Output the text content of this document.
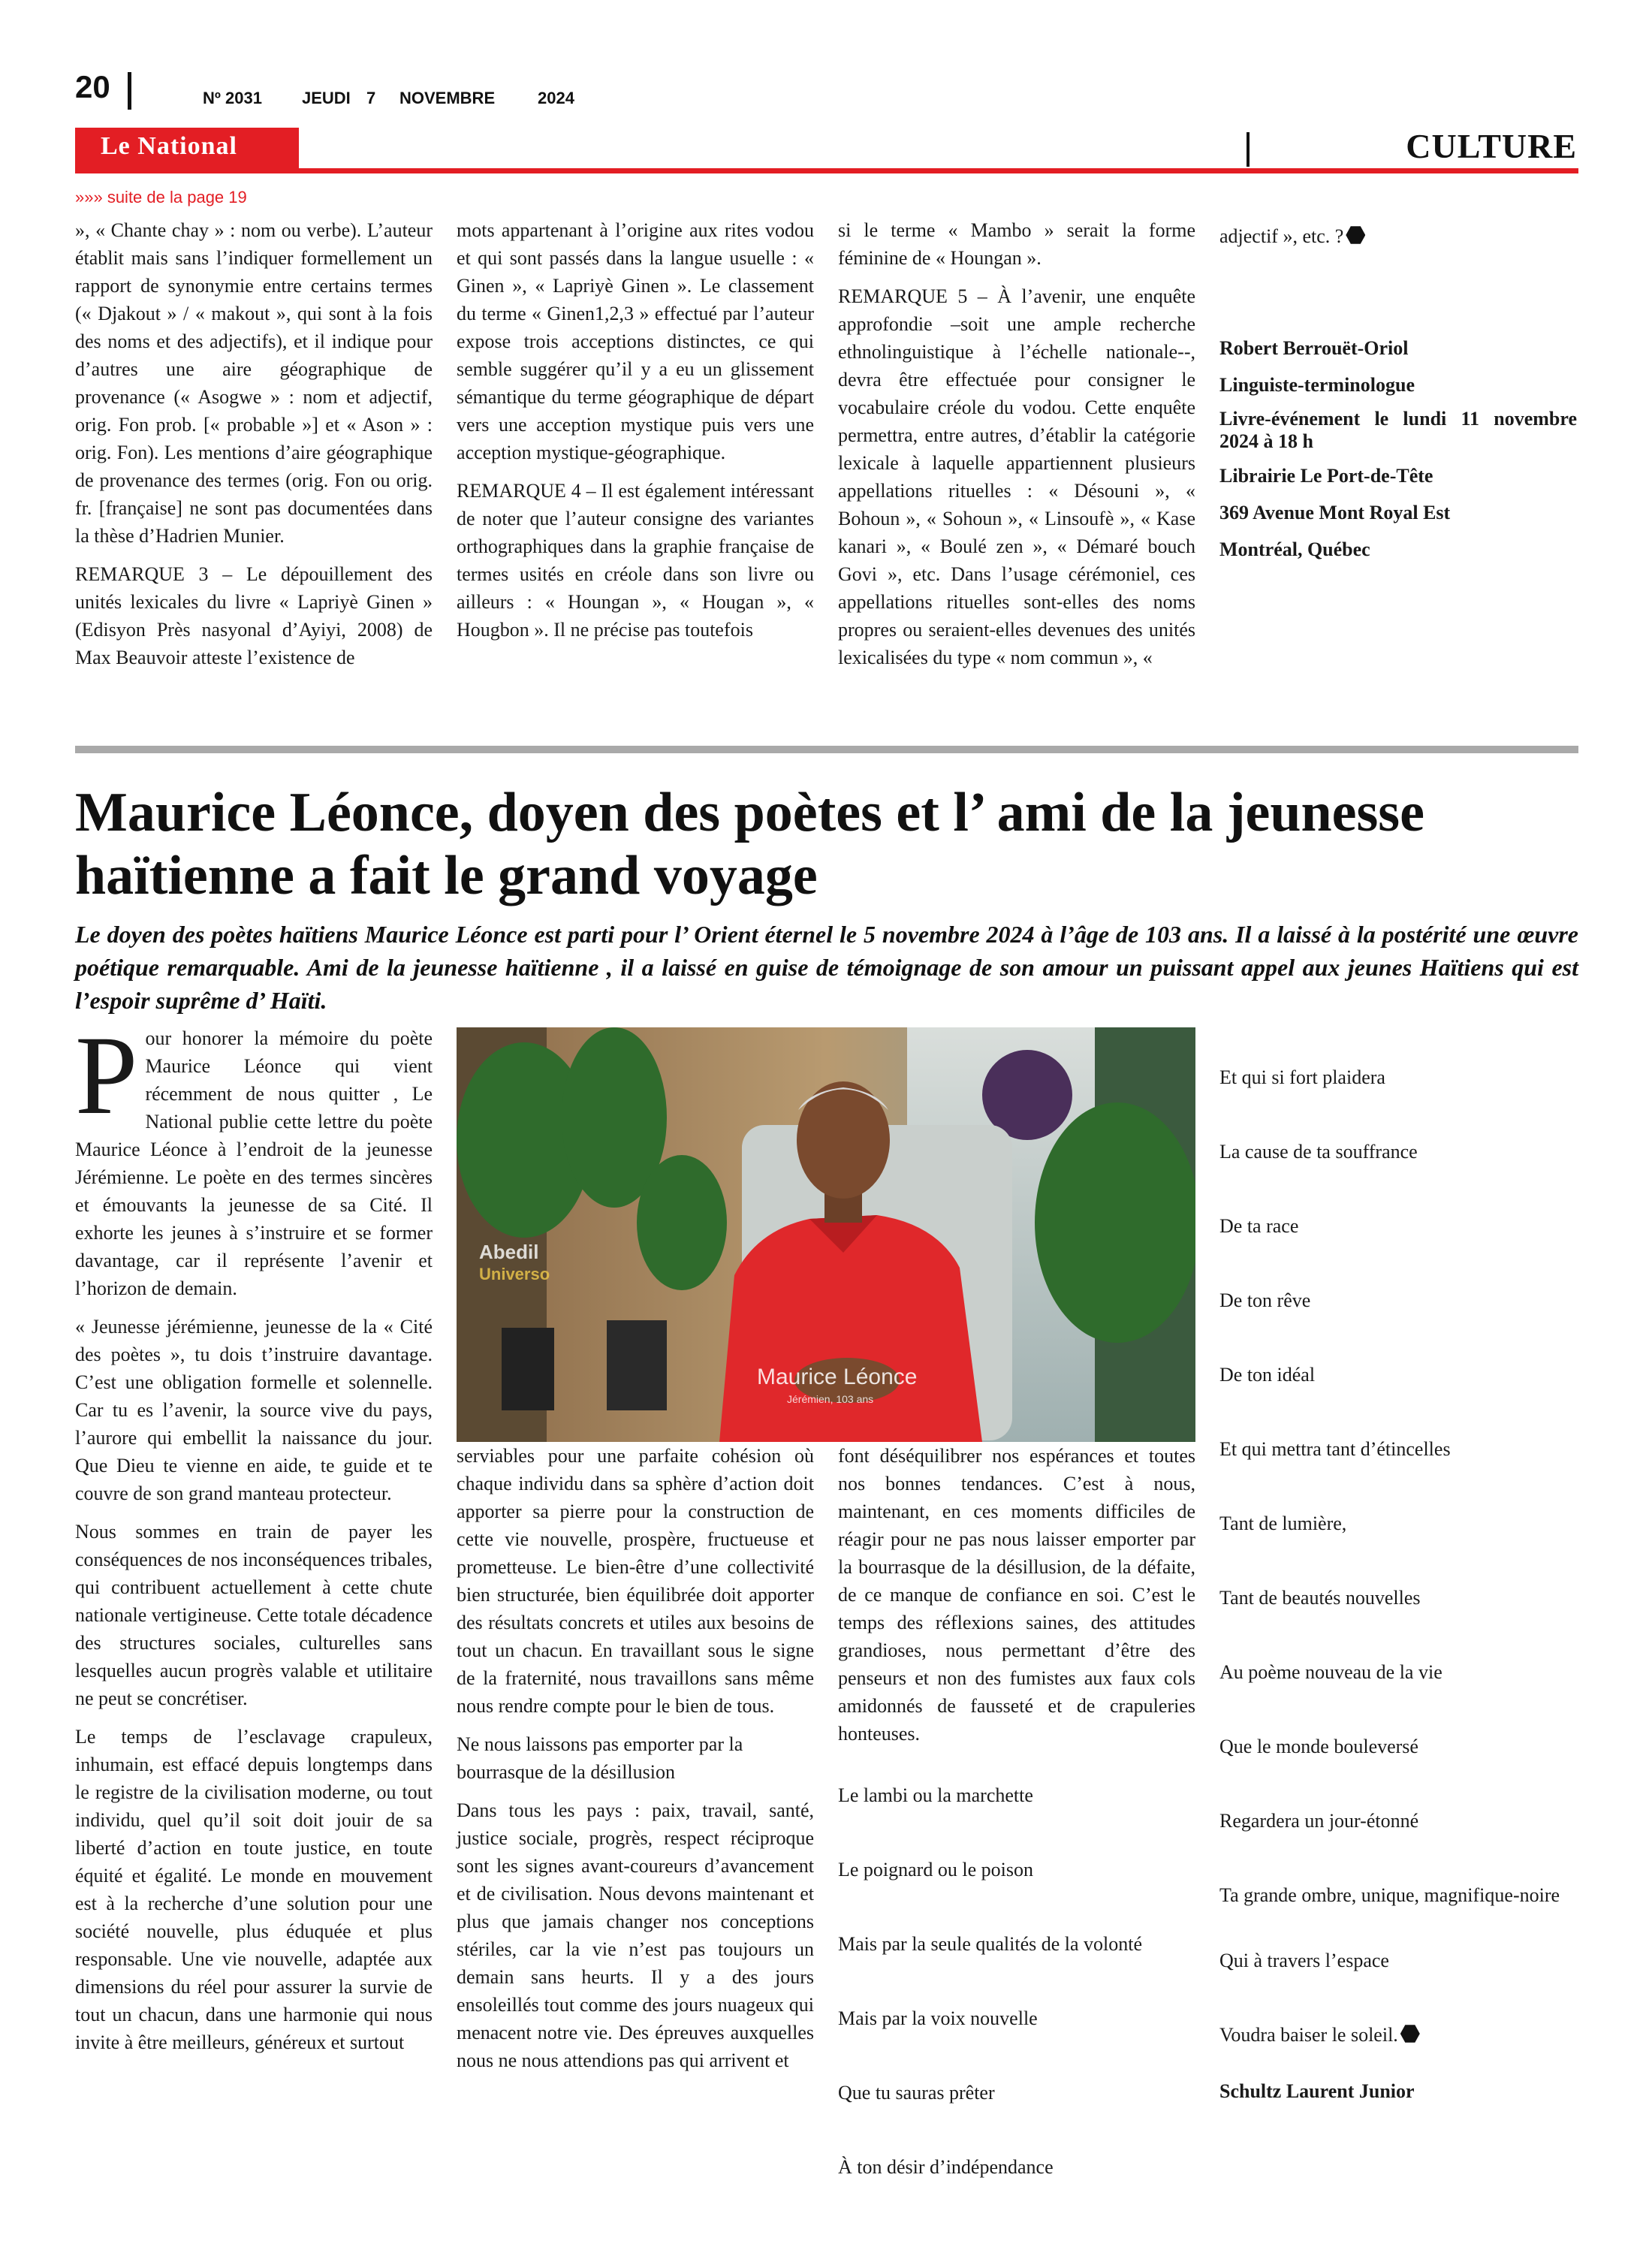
20	Nº 2031 JEUDI 7 NOVEMBRE	2024
Le National	CULTURE
»»» suite de la page 19

», « Chante chay » : nom ou verbe). L’auteur établit mais sans l’indiquer formellement un rapport de synonymie entre certains termes (« Djakout » / « makout », qui sont à la fois des noms et des adjectifs), et il indique pour d’autres une aire géographique de provenance (« Asogwe » : nom et adjectif, orig. Fon prob. [« probable »] et « Ason » : orig. Fon). Les mentions d’aire géographique de provenance des termes (orig. Fon ou orig. fr. [française] ne sont pas documentées dans la thèse d’Hadrien Munier.

REMARQUE 3 – Le dépouillement des unités lexicales du livre « Lapriyè Ginen » (Edisyon Près nasyonal d’Ayiyi, 2008) de Max Beauvoir atteste l’existence de

mots appartenant à l’origine aux rites vodou et qui sont passés dans la langue usuelle : « Ginen », « Lapriyè Ginen ». Le classement du terme « Ginen1,2,3 » effectué par l’auteur expose trois acceptions distinctes, ce qui semble suggérer qu’il y a eu un glissement sémantique du terme géographique de départ vers une acception mystique puis vers une acception mystique-géographique.

REMARQUE 4 – Il est également intéressant de noter que l’auteur consigne des variantes orthographiques dans la graphie française de termes usités en créole dans son livre ou ailleurs : « Houngan », « Hougan », « Hougbon ». Il ne précise pas toutefois

si le terme « Mambo » serait la forme féminine de « Houngan ».

REMARQUE 5 – À l’avenir, une enquête approfondie –soit une ample recherche ethnolinguistique à l’échelle nationale--, devra être effectuée pour consigner le vocabulaire créole du vodou. Cette enquête permettra, entre autres, d’établir la catégorie lexicale à laquelle appartiennent plusieurs appellations rituelles : « Désouni », « Bohoun », « Sohoun », « Linsoufè », « Kase kanari », « Boulé zen », « Démaré bouch Govi », etc. Dans l’usage cérémoniel, ces appellations rituelles sont-elles des noms propres ou seraient-elles devenues des unités lexicalisées du type « nom commun », «

adjectif », etc. ?

Robert Berrouët-Oriol

Linguiste-terminologue

Livre-événement le lundi 11 novembre 2024 à 18 h

Librairie Le Port-de-Tête

369 Avenue Mont Royal Est

Montréal, Québec

Maurice Léonce, doyen des poètes et l’ ami de la jeunesse haïtienne a fait le grand voyage
Le doyen des poètes haïtiens Maurice Léonce est parti pour l’ Orient éternel le 5 novembre 2024 à l’âge de 103 ans. Il a laissé à la postérité une œuvre poétique remarquable. Ami de la jeunesse haïtienne , il a laissé en guise de témoignage de son amour un puissant appel aux jeunes Haïtiens qui est l’espoir suprême d’ Haïti.

Pour honorer la mémoire du poète Maurice Léonce qui vient récemment de nous quitter , Le National publie cette lettre du poète Maurice Léonce à l’endroit de la jeunesse Jérémienne. Le poète en des termes sincères et émouvants la jeunesse de sa Cité. Il exhorte les jeunes à s’instruire et se former davantage, car il représente l’avenir et l’horizon de demain.

« Jeunesse jérémienne, jeunesse de la « Cité des poètes », tu dois t’instruire davantage. C’est une obligation formelle et solennelle. Car tu es l’avenir, la source vive du pays, l’aurore qui embellit la naissance du jour. Que Dieu te vienne en aide, te guide et te couvre de son grand manteau protecteur.

Nous sommes en train de payer les conséquences de nos inconséquences tribales, qui contribuent actuellement à cette chute nationale vertigineuse. Cette totale décadence des structures sociales, culturelles sans lesquelles aucun progrès valable et utilitaire ne peut se concrétiser.

Le temps de l’esclavage crapuleux, inhumain, est effacé depuis longtemps dans le registre de la civilisation moderne, ou tout individu, quel qu’il soit doit jouir de sa liberté d’action en toute justice, en toute équité et égalité. Le monde en mouvement est à la recherche d’une solution pour une société nouvelle, plus éduquée et plus responsable. Une vie nouvelle, adaptée aux dimensions du réel pour assurer la survie de tout un chacun, dans une harmonie qui nous invite à être meilleurs, généreux et surtout

Maurice Léonce
Jérémien, 103 ans
Abedil
Universo

serviables pour une parfaite cohésion où chaque individu dans sa sphère d’action doit apporter sa pierre pour la construction de cette vie nouvelle, prospère, fructueuse et prometteuse. Le bien-être d’une collectivité bien structurée, bien équilibrée doit apporter des résultats concrets et utiles aux besoins de tout un chacun. En travaillant sous le signe de la fraternité, nous travaillons sans même nous rendre compte pour le bien de tous.

Ne nous laissons pas emporter par la bourrasque de la désillusion

Dans tous les pays : paix, travail, santé, justice sociale, progrès, respect réciproque sont les signes avant-coureurs d’avancement et de civilisation. Nous devons maintenant et plus que jamais changer nos conceptions stériles, car la vie n’est pas toujours un demain sans heurts. Il y a des jours ensoleillés tout comme des jours nuageux qui menacent notre vie. Des épreuves auxquelles nous ne nous attendions pas qui arrivent et

font déséquilibrer nos espérances et toutes nos bonnes tendances. C’est à nous, maintenant, en ces moments difficiles de réagir pour ne pas nous laisser emporter par la bourrasque de la désillusion, de la défaite, de ce manque de confiance en soi. C’est le temps des réflexions saines, des attitudes grandioses, nous permettant d’être des penseurs et non des fumistes aux faux cols amidonnés de fausseté et de crapuleries honteuses.

Le lambi ou la marchette

Le poignard ou le poison

Mais par la seule qualités de la volonté

Mais par la voix nouvelle

Que tu sauras prêter

À ton désir d’indépendance

Et qui si fort plaidera

La cause de ta souffrance

De ta race

De ton rêve

De ton idéal

Et qui mettra tant d’étincelles

Tant de lumière,

Tant de beautés nouvelles

Au poème nouveau de la vie

Que le monde bouleversé

Regardera un jour-étonné

Ta grande ombre, unique, magnifique-noire

Qui à travers l’espace

Voudra baiser le soleil.

Schultz Laurent Junior
